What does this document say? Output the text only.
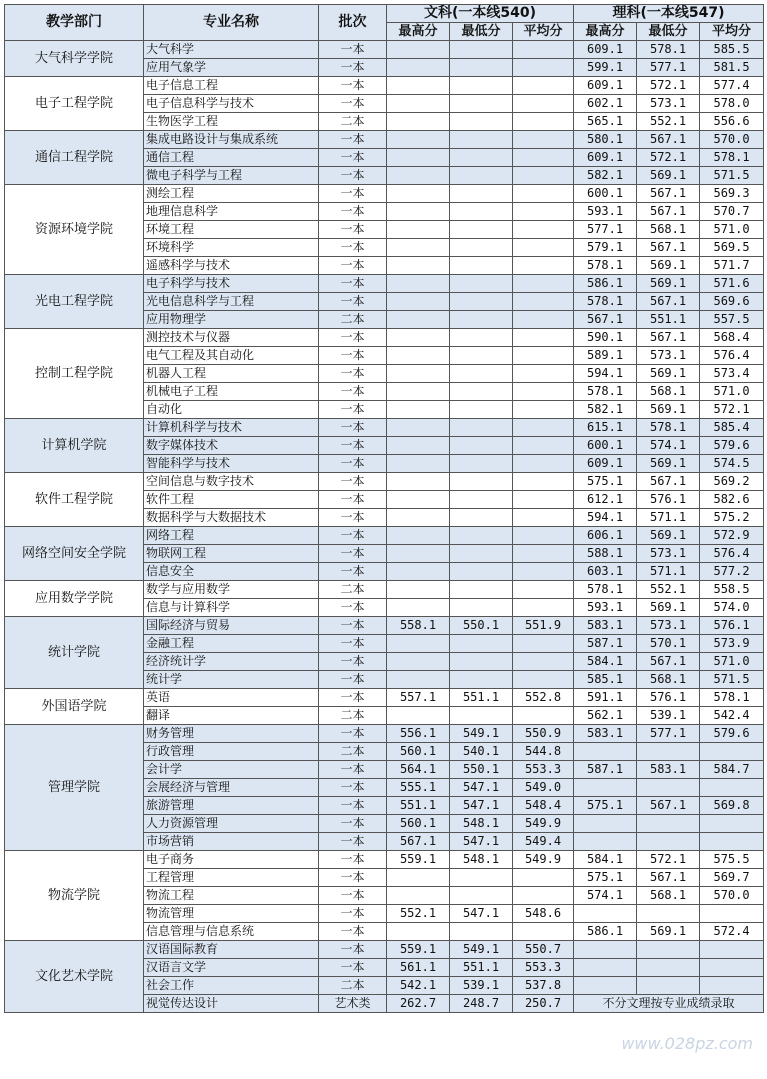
教学部门	专业名称	批次	文科(一本线540)			理科(一本线547)		
			最高分	最低分	平均分	最高分	最低分	平均分
大气科学学院	大气科学	一本				609.1	578.1	585.5
	应用气象学	一本				599.1	577.1	581.5
电子工程学院	电子信息工程	一本				609.1	572.1	577.4
	电子信息科学与技术	一本				602.1	573.1	578.0
	生物医学工程	二本				565.1	552.1	556.6
通信工程学院	集成电路设计与集成系统	一本				580.1	567.1	570.0
	通信工程	一本				609.1	572.1	578.1
	微电子科学与工程	一本				582.1	569.1	571.5
资源环境学院	测绘工程	一本				600.1	567.1	569.3
	地理信息科学	一本				593.1	567.1	570.7
	环境工程	一本				577.1	568.1	571.0
	环境科学	一本				579.1	567.1	569.5
	遥感科学与技术	一本				578.1	569.1	571.7
光电工程学院	电子科学与技术	一本				586.1	569.1	571.6
	光电信息科学与工程	一本				578.1	567.1	569.6
	应用物理学	二本				567.1	551.1	557.5
控制工程学院	测控技术与仪器	一本				590.1	567.1	568.4
	电气工程及其自动化	一本				589.1	573.1	576.4
	机器人工程	一本				594.1	569.1	573.4
	机械电子工程	一本				578.1	568.1	571.0
	自动化	一本				582.1	569.1	572.1
计算机学院	计算机科学与技术	一本				615.1	578.1	585.4
	数字媒体技术	一本				600.1	574.1	579.6
	智能科学与技术	一本				609.1	569.1	574.5
软件工程学院	空间信息与数字技术	一本				575.1	567.1	569.2
	软件工程	一本				612.1	576.1	582.6
	数据科学与大数据技术	一本				594.1	571.1	575.2
网络空间安全学院	网络工程	一本				606.1	569.1	572.9
	物联网工程	一本				588.1	573.1	576.4
	信息安全	一本				603.1	571.1	577.2
应用数学学院	数学与应用数学	二本				578.1	552.1	558.5
	信息与计算科学	一本				593.1	569.1	574.0
统计学院	国际经济与贸易	一本	558.1	550.1	551.9	583.1	573.1	576.1
	金融工程	一本				587.1	570.1	573.9
	经济统计学	一本				584.1	567.1	571.0
	统计学	一本				585.1	568.1	571.5
外国语学院	英语	一本	557.1	551.1	552.8	591.1	576.1	578.1
	翻译	二本				562.1	539.1	542.4
管理学院	财务管理	一本	556.1	549.1	550.9	583.1	577.1	579.6
	行政管理	二本	560.1	540.1	544.8			
	会计学	一本	564.1	550.1	553.3	587.1	583.1	584.7
	会展经济与管理	一本	555.1	547.1	549.0			
	旅游管理	一本	551.1	547.1	548.4	575.1	567.1	569.8
	人力资源管理	一本	560.1	548.1	549.9			
	市场营销	一本	567.1	547.1	549.4			
物流学院	电子商务	一本	559.1	548.1	549.9	584.1	572.1	575.5
	工程管理	一本				575.1	567.1	569.7
	物流工程	一本				574.1	568.1	570.0
	物流管理	一本	552.1	547.1	548.6			
	信息管理与信息系统	一本				586.1	569.1	572.4
文化艺术学院	汉语国际教育	一本	559.1	549.1	550.7			
	汉语言文学	一本	561.1	551.1	553.3			
	社会工作	二本	542.1	539.1	537.8			
	视觉传达设计	艺术类	262.7	248.7	250.7	不分文理按专业成绩录取		
www.028pz.com
